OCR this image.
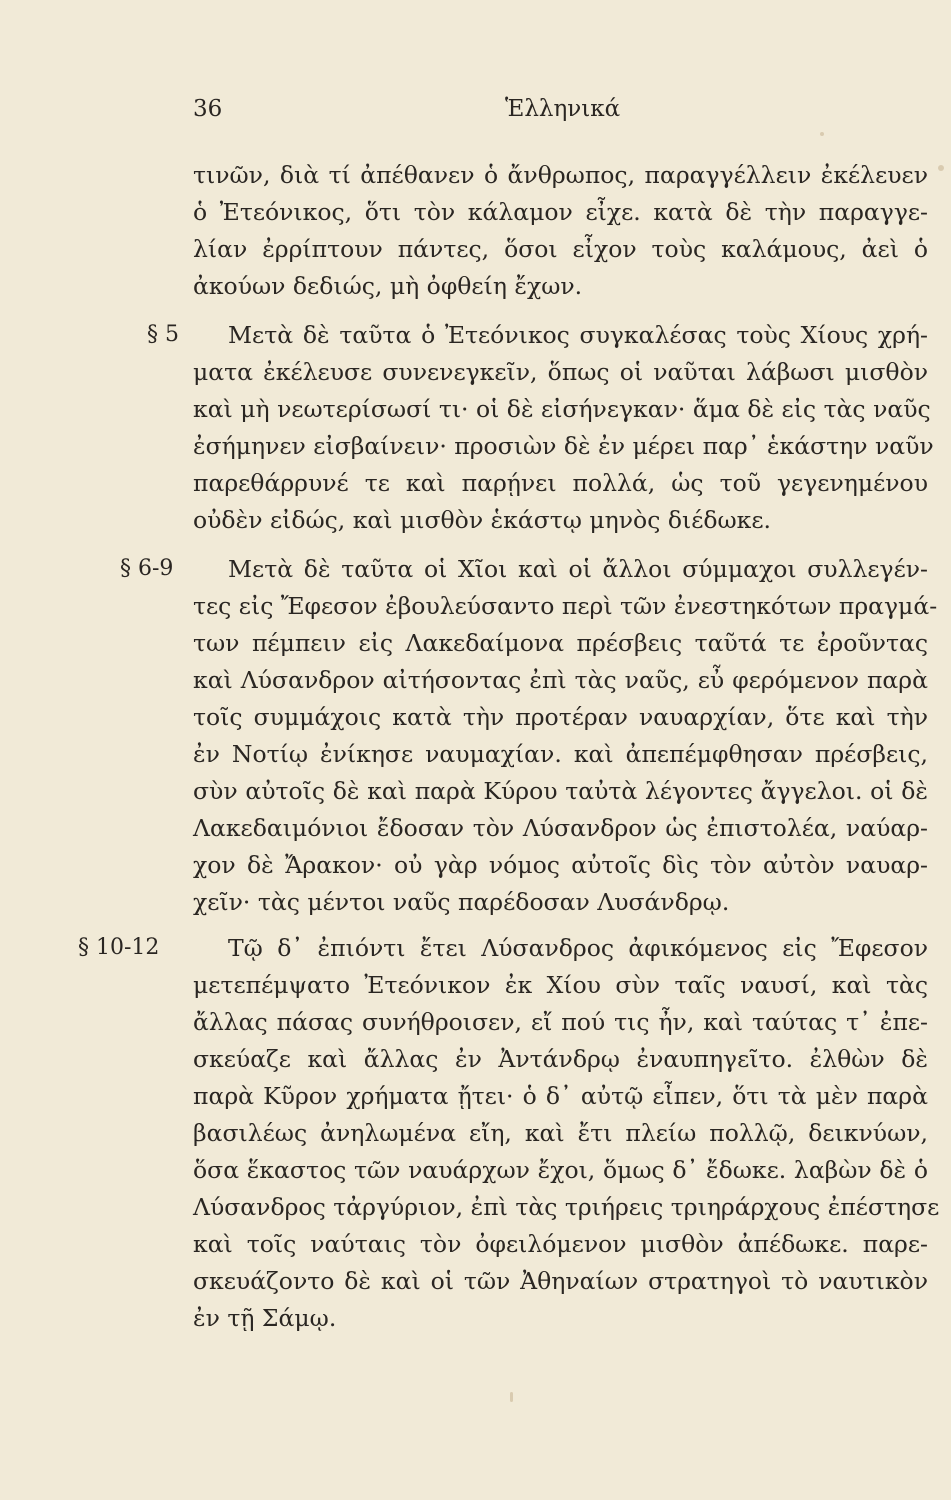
36	Ἑλληνικά
§ 5
§ 6-9
§ 10-12
τινῶν, διὰ τί ἀπέθανεν ὁ ἄνθρωπος, παραγγέλλειν ἐκέλευεν
ὁ Ἐτεόνικος, ὅτι τὸν κάλαμον εἶχε. κατὰ δὲ τὴν παραγγε-
λίαν ἐρρίπτουν πάντες, ὅσοι εἶχον τοὺς καλάμους, ἀεὶ ὁ
ἀκούων δεδιώς, μὴ ὀφθείη ἔχων.
Μετὰ δὲ ταῦτα ὁ Ἐτεόνικος συγκαλέσας τοὺς Χίους χρή-
ματα ἐκέλευσε συνενεγκεῖν, ὅπως οἱ ναῦται λάβωσι μισθὸν
καὶ μὴ νεωτερίσωσί τι· οἱ δὲ εἰσήνεγκαν· ἅμα δὲ εἰς τὰς ναῦς
ἐσήμηνεν εἰσβαίνειν· προσιὼν δὲ ἐν μέρει παρ᾽ ἑκάστην ναῦν
παρεθάρρυνέ τε καὶ παρῄνει πολλά, ὡς τοῦ γεγενημένου
οὐδὲν εἰδώς, καὶ μισθὸν ἑκάστῳ μηνὸς διέδωκε.
Μετὰ δὲ ταῦτα οἱ Χῖοι καὶ οἱ ἄλλοι σύμμαχοι συλλεγέν-
τες εἰς Ἔφεσον ἐβουλεύσαντο περὶ τῶν ἐνεστηκότων πραγμά-
των πέμπειν εἰς Λακεδαίμονα πρέσβεις ταῦτά τε ἐροῦντας
καὶ Λύσανδρον αἰτήσοντας ἐπὶ τὰς ναῦς, εὖ φερόμενον παρὰ
τοῖς συμμάχοις κατὰ τὴν προτέραν ναυαρχίαν, ὅτε καὶ τὴν
ἐν Νοτίῳ ἐνίκησε ναυμαχίαν. καὶ ἀπεπέμφθησαν πρέσβεις,
σὺν αὐτοῖς δὲ καὶ παρὰ Κύρου ταὐτὰ λέγοντες ἄγγελοι. οἱ δὲ
Λακεδαιμόνιοι ἔδοσαν τὸν Λύσανδρον ὡς ἐπιστολέα, ναύαρ-
χον δὲ Ἄρακον· οὐ γὰρ νόμος αὐτοῖς δὶς τὸν αὐτὸν ναυαρ-
χεῖν· τὰς μέντοι ναῦς παρέδοσαν Λυσάνδρῳ.
Τῷ δ᾽ ἐπιόντι ἔτει Λύσανδρος ἀφικόμενος εἰς Ἔφεσον
μετεπέμψατο Ἐτεόνικον ἐκ Χίου σὺν ταῖς ναυσί, καὶ τὰς
ἄλλας πάσας συνήθροισεν, εἴ πού τις ἦν, καὶ ταύτας τ᾽ ἐπε-
σκεύαζε καὶ ἄλλας ἐν Ἀντάνδρῳ ἐναυπηγεῖτο. ἐλθὼν δὲ
παρὰ Κῦρον χρήματα ᾔτει· ὁ δ᾽ αὐτῷ εἶπεν, ὅτι τὰ μὲν παρὰ
βασιλέως ἀνηλωμένα εἴη, καὶ ἔτι πλείω πολλῷ, δεικνύων,
ὅσα ἕκαστος τῶν ναυάρχων ἔχοι, ὅμως δ᾽ ἔδωκε. λαβὼν δὲ ὁ
Λύσανδρος τἀργύριον, ἐπὶ τὰς τριήρεις τριηράρχους ἐπέστησε
καὶ τοῖς ναύταις τὸν ὀφειλόμενον μισθὸν ἀπέδωκε. παρε-
σκευάζοντο δὲ καὶ οἱ τῶν Ἀθηναίων στρατηγοὶ τὸ ναυτικὸν
ἐν τῇ Σάμῳ.
